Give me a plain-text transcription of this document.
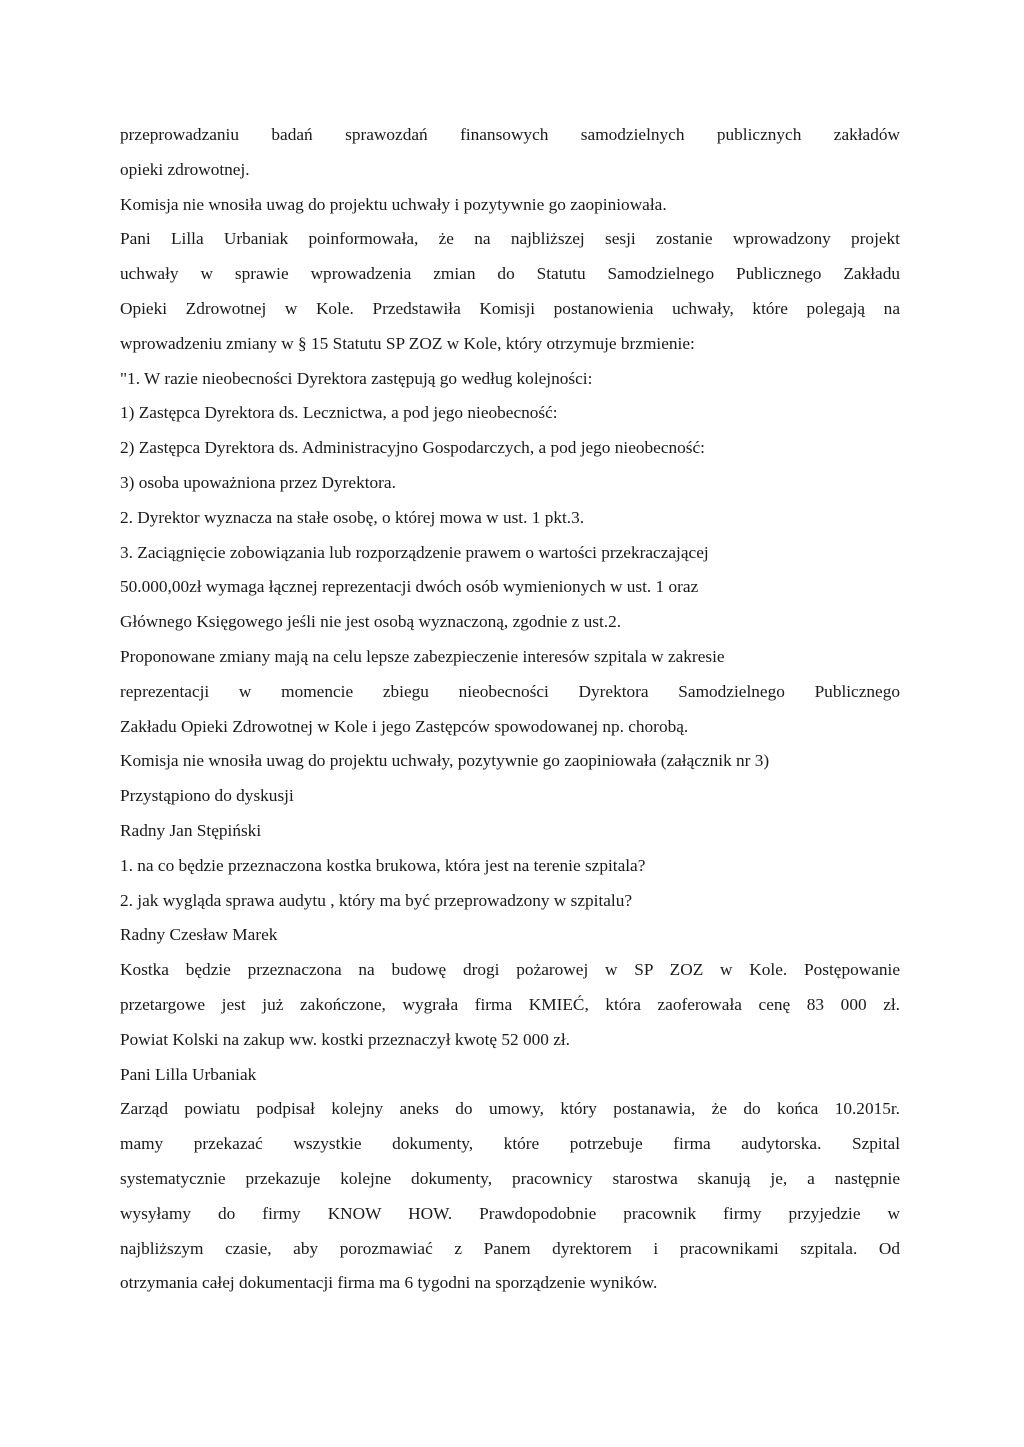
przeprowadzaniu badań sprawozdań finansowych samodzielnych publicznych zakładów
opieki zdrowotnej.
Komisja nie wnosiła uwag do projektu uchwały i pozytywnie go zaopiniowała.
Pani Lilla Urbaniak poinformowała, że na najbliższej sesji zostanie wprowadzony projekt
uchwały w sprawie wprowadzenia zmian do Statutu Samodzielnego Publicznego Zakładu
Opieki Zdrowotnej w Kole. Przedstawiła Komisji postanowienia uchwały, które polegają na
wprowadzeniu zmiany w § 15 Statutu SP ZOZ w Kole, który otrzymuje brzmienie:
"1. W razie nieobecności Dyrektora zastępują go według kolejności:
1) Zastępca Dyrektora ds. Lecznictwa, a pod jego nieobecność:
2) Zastępca Dyrektora ds. Administracyjno Gospodarczych, a pod jego nieobecność:
3) osoba upoważniona przez Dyrektora.
2. Dyrektor wyznacza na stałe osobę, o której mowa w ust. 1 pkt.3.
3. Zaciągnięcie zobowiązania lub rozporządzenie prawem o wartości przekraczającej
50.000,00zł wymaga łącznej reprezentacji dwóch osób wymienionych w ust. 1 oraz
Głównego Księgowego jeśli nie jest osobą wyznaczoną, zgodnie z ust.2.
Proponowane zmiany mają na celu lepsze zabezpieczenie interesów szpitala w zakresie
reprezentacji w momencie zbiegu nieobecności Dyrektora Samodzielnego Publicznego
Zakładu Opieki Zdrowotnej w Kole i jego Zastępców spowodowanej np. chorobą.
Komisja nie wnosiła uwag do projektu uchwały, pozytywnie go zaopiniowała (załącznik nr 3)
Przystąpiono do dyskusji
Radny Jan Stępiński
1. na co będzie przeznaczona kostka brukowa, która jest na terenie szpitala?
2. jak wygląda sprawa audytu , który ma być przeprowadzony w szpitalu?
Radny Czesław Marek
Kostka będzie przeznaczona na budowę drogi pożarowej w SP ZOZ w Kole. Postępowanie
przetargowe jest już zakończone, wygrała firma KMIEĆ, która zaoferowała cenę 83 000 zł.
Powiat Kolski na zakup ww. kostki przeznaczył kwotę 52 000 zł.
Pani Lilla Urbaniak
Zarząd powiatu podpisał kolejny aneks do umowy, który postanawia, że do końca 10.2015r.
mamy przekazać wszystkie dokumenty, które potrzebuje firma audytorska. Szpital
systematycznie przekazuje kolejne dokumenty, pracownicy starostwa skanują je, a następnie
wysyłamy do firmy KNOW HOW. Prawdopodobnie pracownik firmy przyjedzie w
najbliższym czasie, aby porozmawiać z Panem dyrektorem i pracownikami szpitala. Od
otrzymania całej dokumentacji firma ma 6 tygodni na sporządzenie wyników.
